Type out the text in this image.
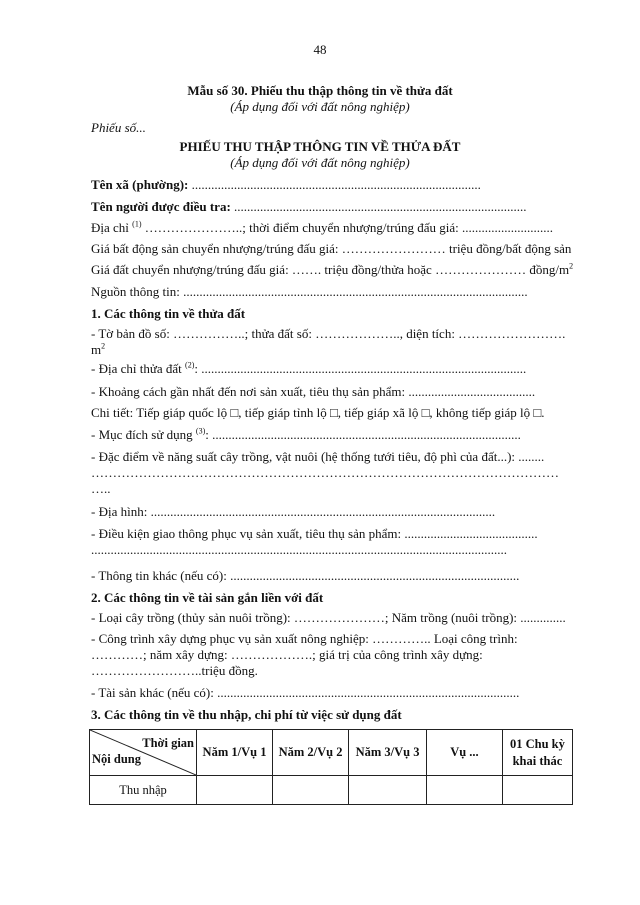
48
Mẫu số 30. Phiếu thu thập thông tin về thửa đất
(Áp dụng đối với đất nông nghiệp)
Phiếu số...
PHIẾU THU THẬP THÔNG TIN VỀ THỬA ĐẤT
(Áp dụng đối với đất nông nghiệp)
Tên xã (phường): .........................................................................................
Tên người được điều tra: ..........................................................................................
Địa chỉ $^{(1)}$ …………………..; thời điểm chuyển nhượng/trúng đấu giá: ............................
Giá bất động sản chuyển nhượng/trúng đấu giá: …………………… triệu đồng/bất động sản
Giá đất chuyển nhượng/trúng đấu giá: ……. triệu đồng/thửa hoặc ………………… đồng/$m^2$
Nguồn thông tin: ..........................................................................................................
1. Các thông tin về thửa đất
- Tờ bản đồ số: ……………..; thửa đất số: ……………….., diện tích: ……………………. $m^2$
- Địa chỉ thửa đất $^{(2)}$: ....................................................................................................
- Khoảng cách gần nhất đến nơi sản xuất, tiêu thụ sản phẩm: .......................................
Chi tiết: Tiếp giáp quốc lộ □, tiếp giáp tỉnh lộ □, tiếp giáp xã lộ □, không tiếp giáp lộ □.
- Mục đích sử dụng $^{(3)}$: ...............................................................................................
- Đặc điểm về năng suất cây trồng, vật nuôi (hệ thống tưới tiêu, độ phì của đất...): ........ ……………………………………………………………………………………………… …..
- Địa hình: ..........................................................................................................
- Điều kiện giao thông phục vụ sản xuất, tiêu thụ sản phẩm: ......................................... ................................................................................................................................
- Thông tin khác (nếu có): .........................................................................................
2. Các thông tin về tài sản gắn liền với đất
- Loại cây trồng (thủy sản nuôi trồng): …………………; Năm trồng (nuôi trồng): ..............
- Công trình xây dựng phục vụ sản xuất nông nghiệp: ………….. Loại công trình: …………; năm xây dựng: ……………….; giá trị của công trình xây dựng: ……………………..triệu đồng.
- Tài sản khác (nếu có): .............................................................................................
3. Các thông tin về thu nhập, chi phí từ việc sử dụng đất
Thời gian
Nội dung	Năm 1/Vụ 1	Năm 2/Vụ 2	Năm 3/Vụ 3	Vụ ...	01 Chu kỳ khai thác
Thu nhập					
